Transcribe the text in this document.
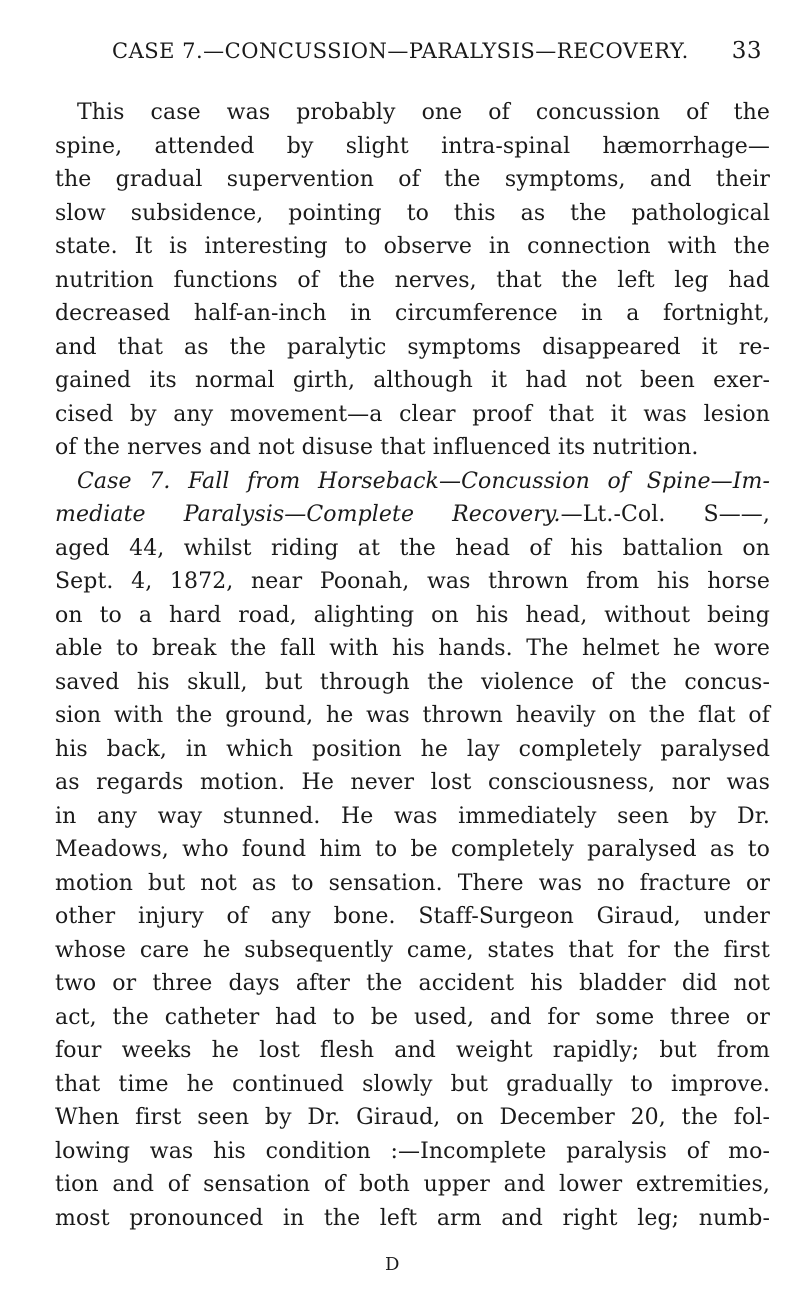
CASE 7.—CONCUSSION—PARALYSIS—RECOVERY. 33
This case was probably one of concussion of the
spine, attended by slight intra-spinal hæmorrhage—
the gradual supervention of the symptoms, and their
slow subsidence, pointing to this as the pathological
state. It is interesting to observe in connection with the
nutrition functions of the nerves, that the left leg had
decreased half-an-inch in circumference in a fortnight,
and that as the paralytic symptoms disappeared it re-
gained its normal girth, although it had not been exer-
cised by any movement—a clear proof that it was lesion
of the nerves and not disuse that influenced its nutrition.
Case 7. Fall from Horseback—Concussion of Spine—Im-
mediate Paralysis—Complete Recovery.—Lt.-Col. S——,
aged 44, whilst riding at the head of his battalion on
Sept. 4, 1872, near Poonah, was thrown from his horse
on to a hard road, alighting on his head, without being
able to break the fall with his hands. The helmet he wore
saved his skull, but through the violence of the concus-
sion with the ground, he was thrown heavily on the flat of
his back, in which position he lay completely paralysed
as regards motion. He never lost consciousness, nor was
in any way stunned. He was immediately seen by Dr.
Meadows, who found him to be completely paralysed as to
motion but not as to sensation. There was no fracture or
other injury of any bone. Staff-Surgeon Giraud, under
whose care he subsequently came, states that for the first
two or three days after the accident his bladder did not
act, the catheter had to be used, and for some three or
four weeks he lost flesh and weight rapidly; but from
that time he continued slowly but gradually to improve.
When first seen by Dr. Giraud, on December 20, the fol-
lowing was his condition :—Incomplete paralysis of mo-
tion and of sensation of both upper and lower extremities,
most pronounced in the left arm and right leg; numb-
D
